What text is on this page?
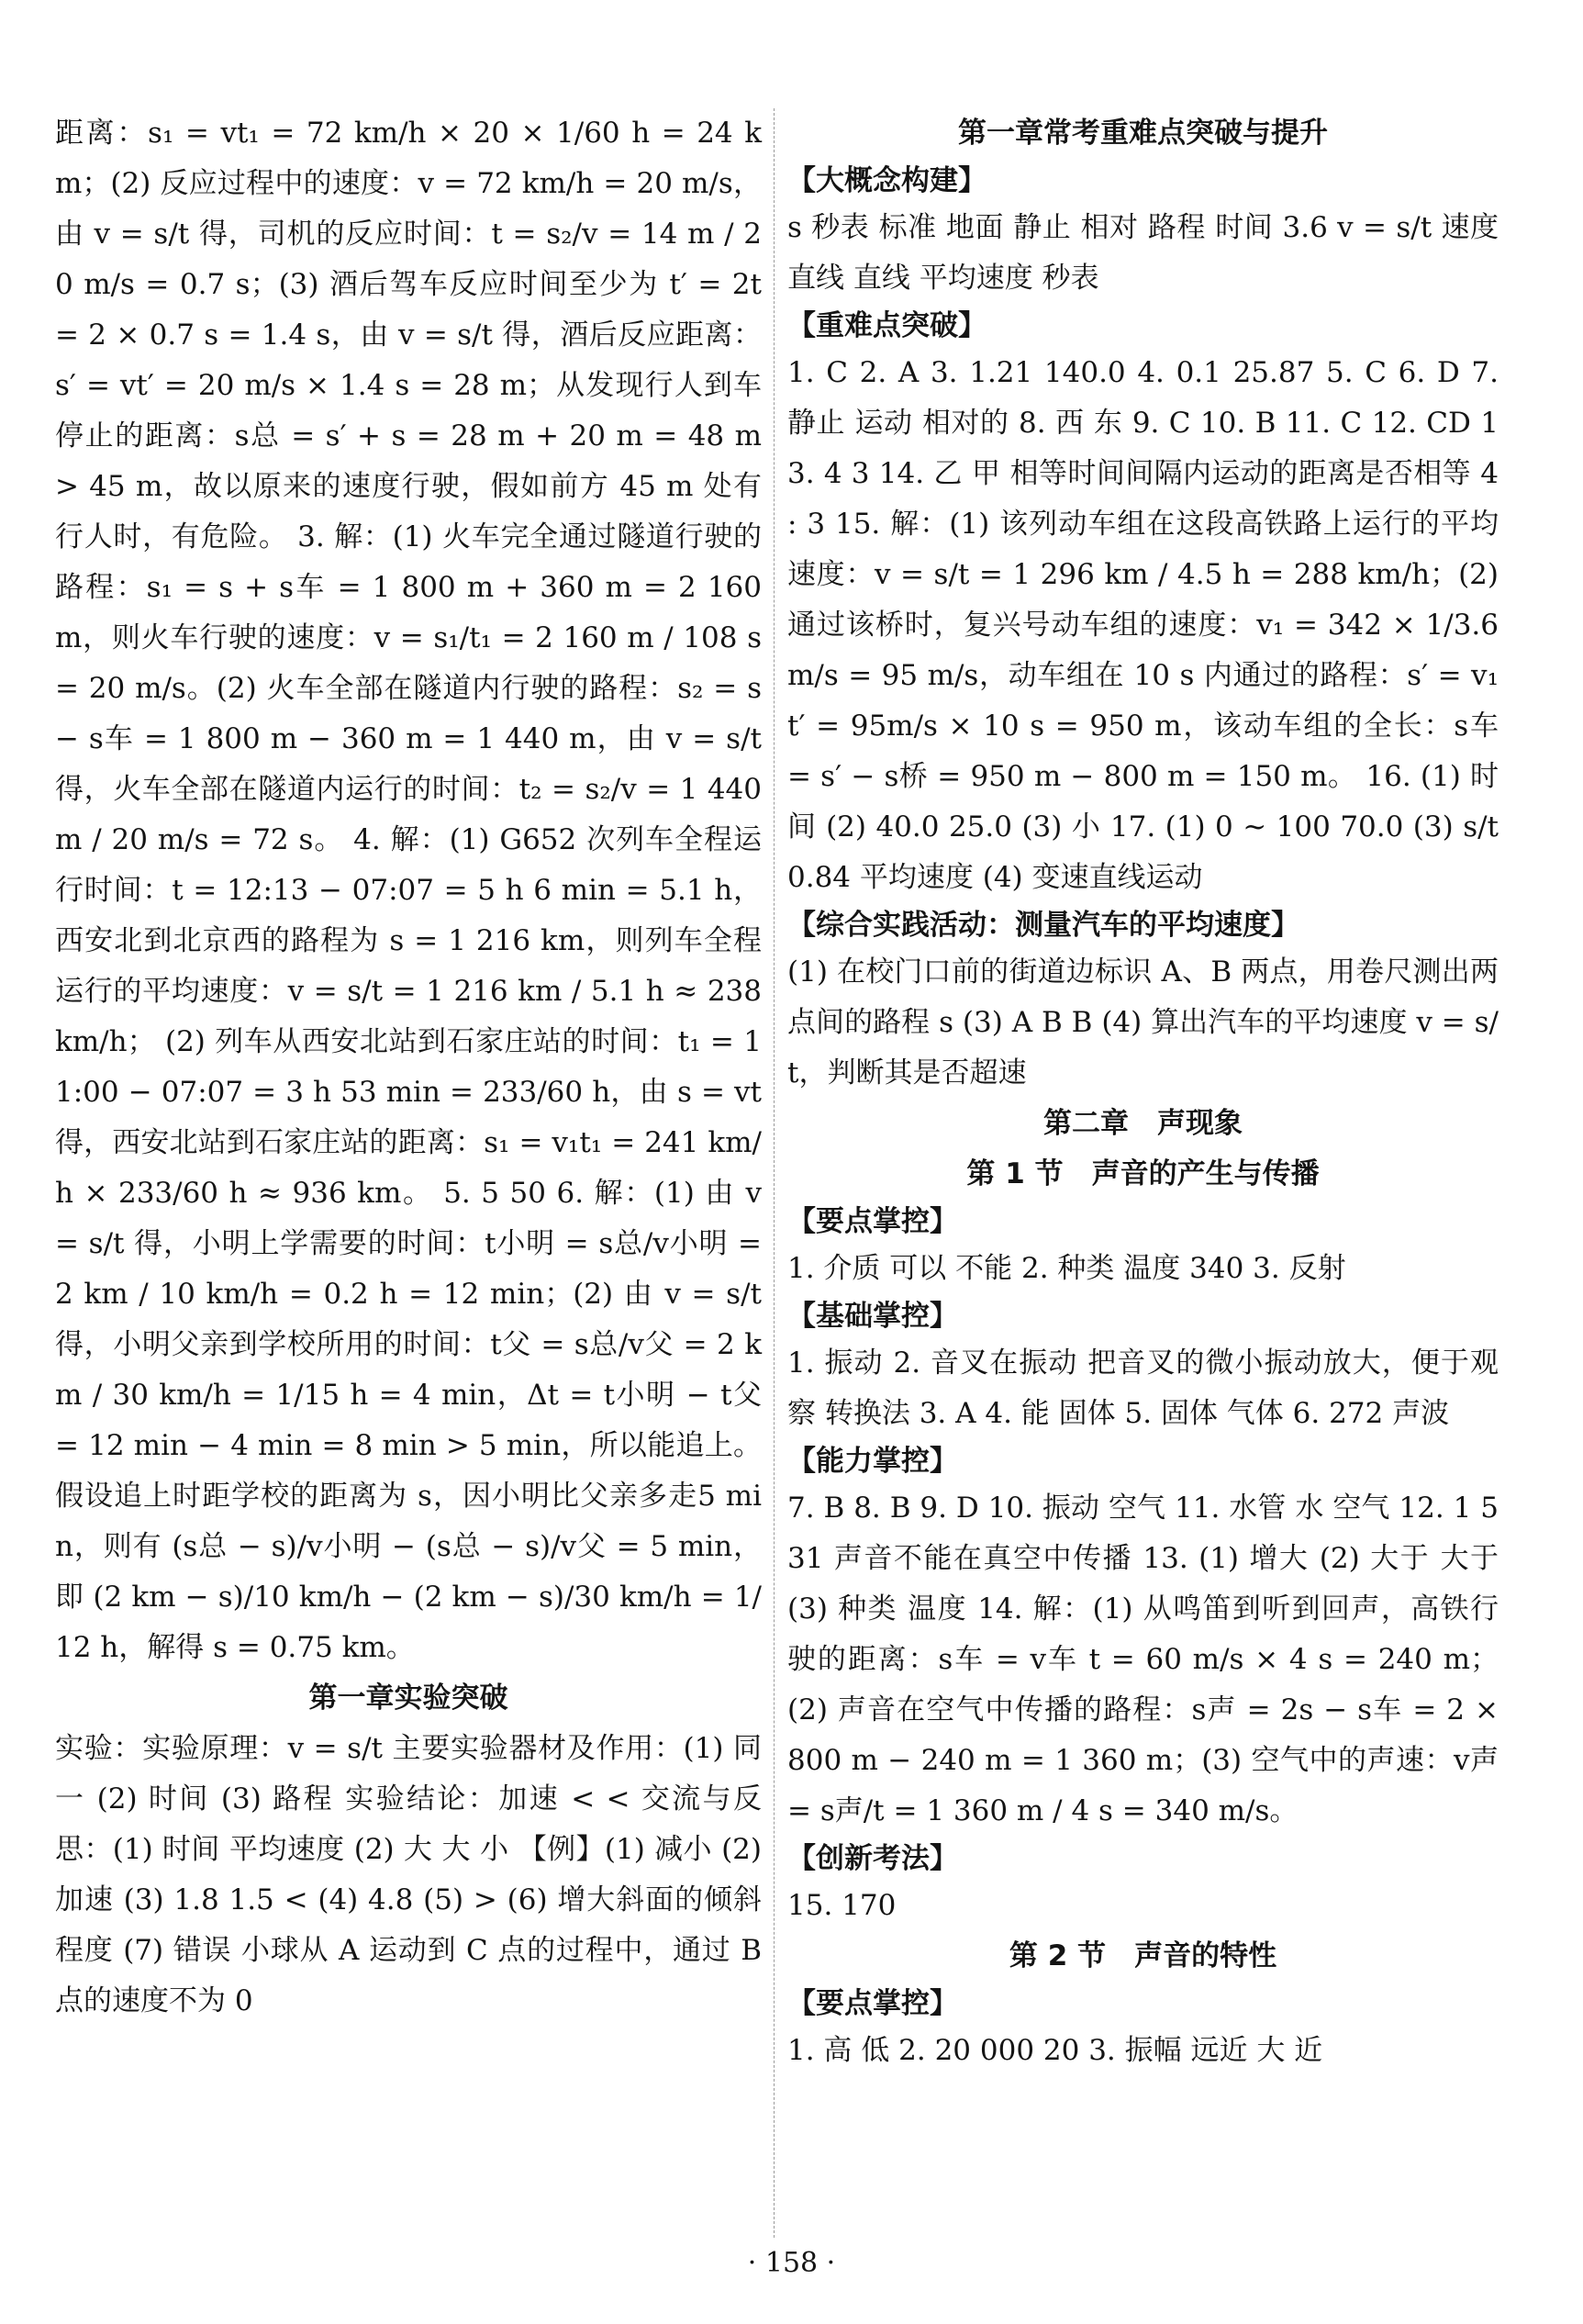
距离：s₁ = vt₁ = 72 km/h × 20 × 1/60 h = 24 km；(2) 反应过程中的速度：v = 72 km/h = 20 m/s，由 v = s/t 得，司机的反应时间：t = s₂/v = 14 m / 20 m/s = 0.7 s；(3) 酒后驾车反应时间至少为 t′ = 2t = 2 × 0.7 s = 1.4 s，由 v = s/t 得，酒后反应距离：s′ = vt′ = 20 m/s × 1.4 s = 28 m；从发现行人到车停止的距离：s总 = s′ + s = 28 m + 20 m = 48 m > 45 m，故以原来的速度行驶，假如前方 45 m 处有行人时，有危险。 3. 解：(1) 火车完全通过隧道行驶的路程：s₁ = s + s车 = 1 800 m + 360 m = 2 160 m，则火车行驶的速度：v = s₁/t₁ = 2 160 m / 108 s = 20 m/s。(2) 火车全部在隧道内行驶的路程：s₂ = s − s车 = 1 800 m − 360 m = 1 440 m，由 v = s/t 得，火车全部在隧道内运行的时间：t₂ = s₂/v = 1 440 m / 20 m/s = 72 s。 4. 解：(1) G652 次列车全程运行时间：t = 12:13 − 07:07 = 5 h 6 min = 5.1 h，西安北到北京西的路程为 s = 1 216 km，则列车全程运行的平均速度：v = s/t = 1 216 km / 5.1 h ≈ 238 km/h； (2) 列车从西安北站到石家庄站的时间：t₁ = 11:00 − 07:07 = 3 h 53 min = 233/60 h，由 s = vt 得，西安北站到石家庄站的距离：s₁ = v₁t₁ = 241 km/h × 233/60 h ≈ 936 km。 5. 5 50 6. 解：(1) 由 v = s/t 得，小明上学需要的时间：t小明 = s总/v小明 = 2 km / 10 km/h = 0.2 h = 12 min；(2) 由 v = s/t 得，小明父亲到学校所用的时间：t父 = s总/v父 = 2 km / 30 km/h = 1/15 h = 4 min，Δt = t小明 − t父 = 12 min − 4 min = 8 min > 5 min，所以能追上。假设追上时距学校的距离为 s，因小明比父亲多走5 min，则有 (s总 − s)/v小明 − (s总 − s)/v父 = 5 min，即 (2 km − s)/10 km/h − (2 km − s)/30 km/h = 1/12 h，解得 s = 0.75 km。

第一章实验突破

实验：实验原理：v = s/t 主要实验器材及作用：(1) 同一 (2) 时间 (3) 路程 实验结论：加速 < < 交流与反思：(1) 时间 平均速度 (2) 大 大 小 【例】(1) 减小 (2) 加速 (3) 1.8 1.5 < (4) 4.8 (5) > (6) 增大斜面的倾斜程度 (7) 错误 小球从 A 运动到 C 点的过程中，通过 B 点的速度不为 0

第一章常考重难点突破与提升
【大概念构建】

s 秒表 标准 地面 静止 相对 路程 时间 3.6 v = s/t 速度 直线 直线 平均速度 秒表

【重难点突破】

1. C 2. A 3. 1.21 140.0 4. 0.1 25.87 5. C 6. D 7. 静止 运动 相对的 8. 西 东 9. C 10. B 11. C 12. CD 13. 4 3 14. 乙 甲 相等时间间隔内运动的距离是否相等 4 : 3 15. 解：(1) 该列动车组在这段高铁路上运行的平均速度：v = s/t = 1 296 km / 4.5 h = 288 km/h；(2) 通过该桥时，复兴号动车组的速度：v₁ = 342 × 1/3.6 m/s = 95 m/s，动车组在 10 s 内通过的路程：s′ = v₁t′ = 95m/s × 10 s = 950 m，该动车组的全长：s车 = s′ − s桥 = 950 m − 800 m = 150 m。 16. (1) 时间 (2) 40.0 25.0 (3) 小 17. (1) 0 ~ 100 70.0 (3) s/t 0.84 平均速度 (4) 变速直线运动

【综合实践活动：测量汽车的平均速度】

(1) 在校门口前的街道边标识 A、B 两点，用卷尺测出两点间的路程 s (3) A B B (4) 算出汽车的平均速度 v = s/t，判断其是否超速

第二章　声现象
第 1 节　声音的产生与传播
【要点掌控】

1. 介质 可以 不能 2. 种类 温度 340 3. 反射

【基础掌控】

1. 振动 2. 音叉在振动 把音叉的微小振动放大，便于观察 转换法 3. A 4. 能 固体 5. 固体 气体 6. 272 声波

【能力掌控】

7. B 8. B 9. D 10. 振动 空气 11. 水管 水 空气 12. 1 531 声音不能在真空中传播 13. (1) 增大 (2) 大于 大于 (3) 种类 温度 14. 解：(1) 从鸣笛到听到回声，高铁行驶的距离：s车 = v车 t = 60 m/s × 4 s = 240 m；(2) 声音在空气中传播的路程：s声 = 2s − s车 = 2 × 800 m − 240 m = 1 360 m；(3) 空气中的声速：v声 = s声/t = 1 360 m / 4 s = 340 m/s。

【创新考法】

15. 170

第 2 节　声音的特性
【要点掌控】

1. 高 低 2. 20 000 20 3. 振幅 远近 大 近

· 158 ·
